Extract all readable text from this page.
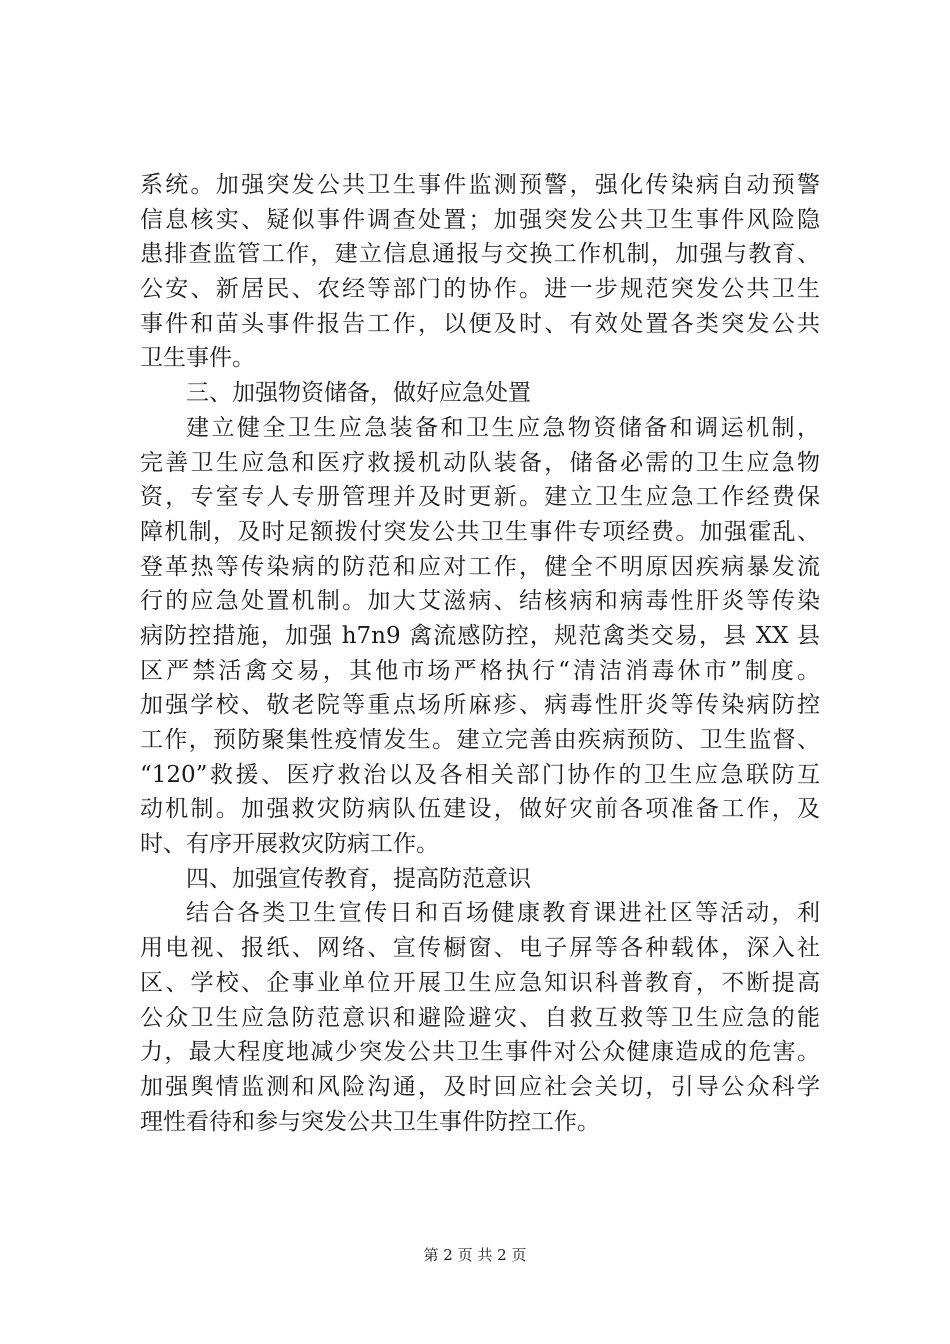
系统。加强突发公共卫生事件监测预警，强化传染病自动预警
信息核实、疑似事件调查处置；加强突发公共卫生事件风险隐
患排查监管工作，建立信息通报与交换工作机制，加强与教育、
公安、新居民、农经等部门的协作。进一步规范突发公共卫生
事件和苗头事件报告工作，以便及时、有效处置各类突发公共
卫生事件。
三、加强物资储备，做好应急处置
建立健全卫生应急装备和卫生应急物资储备和调运机制，
完善卫生应急和医疗救援机动队装备，储备必需的卫生应急物
资，专室专人专册管理并及时更新。建立卫生应急工作经费保
障机制，及时足额拨付突发公共卫生事件专项经费。加强霍乱、
登革热等传染病的防范和应对工作，健全不明原因疾病暴发流
行的应急处置机制。加大艾滋病、结核病和病毒性肝炎等传染
病防控措施，加强 h7n9 禽流感防控，规范禽类交易，县 XX 县
区严禁活禽交易，其他市场严格执行“清洁消毒休市”制度。
加强学校、敬老院等重点场所麻疹、病毒性肝炎等传染病防控
工作，预防聚集性疫情发生。建立完善由疾病预防、卫生监督、
“120”救援、医疗救治以及各相关部门协作的卫生应急联防互
动机制。加强救灾防病队伍建设，做好灾前各项准备工作，及
时、有序开展救灾防病工作。
四、加强宣传教育，提高防范意识
结合各类卫生宣传日和百场健康教育课进社区等活动，利
用电视、报纸、网络、宣传橱窗、电子屏等各种载体，深入社
区、学校、企事业单位开展卫生应急知识科普教育，不断提高
公众卫生应急防范意识和避险避灾、自救互救等卫生应急的能
力，最大程度地减少突发公共卫生事件对公众健康造成的危害。
加强舆情监测和风险沟通，及时回应社会关切，引导公众科学
理性看待和参与突发公共卫生事件防控工作。
第 2 页 共 2 页
